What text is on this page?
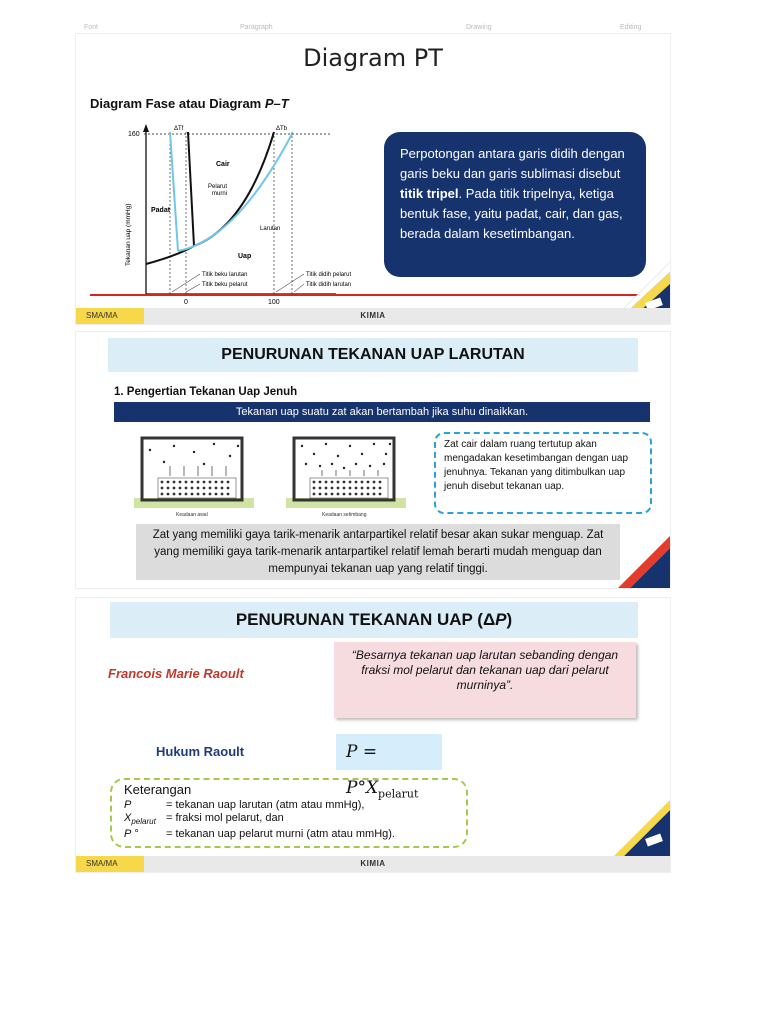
Font	Paragraph	Drawing	Editing
Diagram PT
Diagram Fase atau Diagram P–T
Tekanan uap (mmHg)
160
ΔTf	ΔTb
Cair
Padat
Uap
Pelarut
murni
Larutan
Titik beku larutan
Titik beku pelarut
Titik didih pelarut
Titik didih larutan
0	100
Perpotongan antara garis didih dengan garis beku dan garis sublimasi disebut titik tripel. Pada titik tripelnya, ketiga bentuk fase, yaitu padat, cair, dan gas, berada dalam kesetimbangan.
SMA/MA	KIMIA
PENURUNAN TEKANAN UAP LARUTAN
1. Pengertian Tekanan Uap Jenuh
Tekanan uap suatu zat akan bertambah jika suhu dinaikkan.
Keadaan awal	Keadaan setimbang
Zat cair dalam ruang tertutup akan mengadakan kesetimbangan dengan uap jenuhnya. Tekanan yang ditimbulkan uap jenuh disebut tekanan uap.
Zat yang memiliki gaya tarik-menarik antarpartikel relatif besar akan sukar menguap. Zat yang memiliki gaya tarik-menarik antarpartikel relatif lemah berarti mudah menguap dan mempunyai tekanan uap yang relatif tinggi.
PENURUNAN TEKANAN UAP (ΔP)
Francois Marie Raoult
“Besarnya tekanan uap larutan sebanding dengan fraksi mol pelarut dan tekanan uap dari pelarut murninya”.
Hukum Raoult	$P = P^\circ X_{pelarut}$
Keterangan
P	= tekanan uap larutan (atm atau mmHg),
$X_{pelarut}$ = fraksi mol pelarut, dan
P °	= tekanan uap pelarut murni (atm atau mmHg).
SMA/MA	KIMIA
